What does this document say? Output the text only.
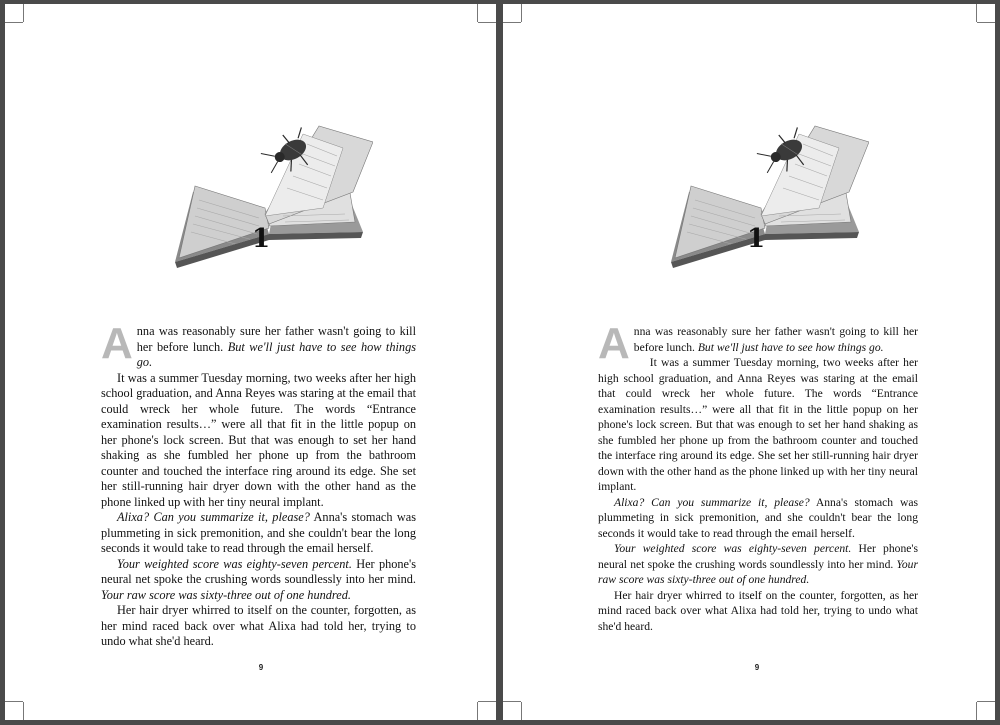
1

Anna was reasonably sure her father wasn't going to kill her before lunch. But we'll just have to see how things go.

It was a summer Tuesday morning, two weeks after her high school graduation, and Anna Reyes was staring at the email that could wreck her whole future. The words “Entrance examination results…” were all that fit in the little popup on her phone's lock screen. But that was enough to set her hand shaking as she fumbled her phone up from the bathroom counter and touched the interface ring around its edge. She set her still-running hair dryer down with the other hand as the phone linked up with her tiny neural implant.

Alixa? Can you summarize it, please? Anna's stomach was plummeting in sick premonition, and she couldn't bear the long seconds it would take to read through the email herself.

Your weighted score was eighty-seven percent. Her phone's neural net spoke the crushing words soundlessly into her mind. Your raw score was sixty-three out of one hundred.

Her hair dryer whirred to itself on the counter, forgotten, as her mind raced back over what Alixa had told her, trying to undo what she'd heard.

9
1

Anna was reasonably sure her father wasn't going to kill her before lunch. But we'll just have to see how things go.

It was a summer Tuesday morning, two weeks after her high school graduation, and Anna Reyes was staring at the email that could wreck her whole future. The words “Entrance examination results…” were all that fit in the little popup on her phone's lock screen. But that was enough to set her hand shaking as she fumbled her phone up from the bathroom counter and touched the interface ring around its edge. She set her still-running hair dryer down with the other hand as the phone linked up with her tiny neural implant.

Alixa? Can you summarize it, please? Anna's stomach was plummeting in sick premonition, and she couldn't bear the long seconds it would take to read through the email herself.

Your weighted score was eighty-seven percent. Her phone's neural net spoke the crushing words soundlessly into her mind. Your raw score was sixty-three out of one hundred.

Her hair dryer whirred to itself on the counter, forgotten, as her mind raced back over what Alixa had told her, trying to undo what she'd heard.

9
